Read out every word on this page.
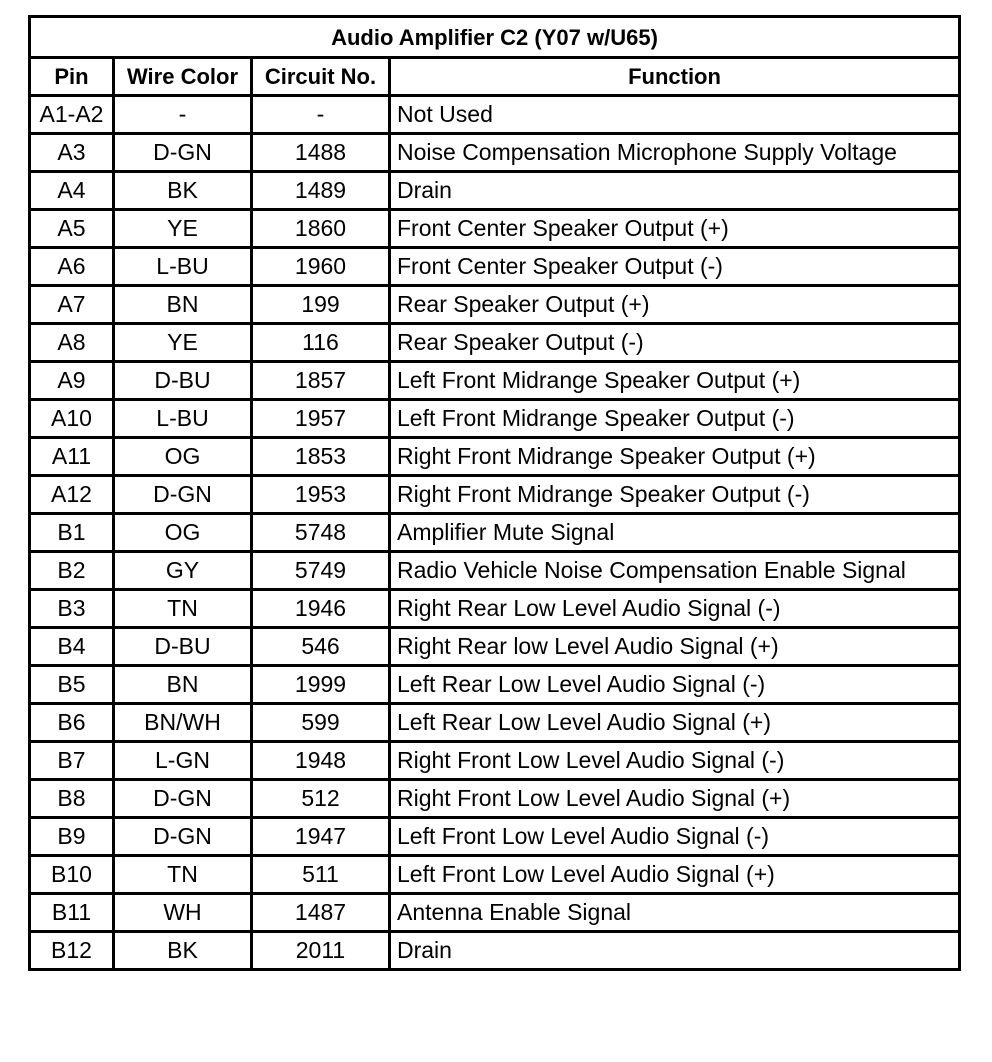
Audio Amplifier C2 (Y07 w/U65)			
Pin	Wire Color	Circuit No.	Function
A1-A2	-	-	Not Used
A3	D-GN	1488	Noise Compensation Microphone Supply Voltage
A4	BK	1489	Drain
A5	YE	1860	Front Center Speaker Output (+)
A6	L-BU	1960	Front Center Speaker Output (-)
A7	BN	199	Rear Speaker Output (+)
A8	YE	116	Rear Speaker Output (-)
A9	D-BU	1857	Left Front Midrange Speaker Output (+)
A10	L-BU	1957	Left Front Midrange Speaker Output (-)
A11	OG	1853	Right Front Midrange Speaker Output (+)
A12	D-GN	1953	Right Front Midrange Speaker Output (-)
B1	OG	5748	Amplifier Mute Signal
B2	GY	5749	Radio Vehicle Noise Compensation Enable Signal
B3	TN	1946	Right Rear Low Level Audio Signal (-)
B4	D-BU	546	Right Rear low Level Audio Signal (+)
B5	BN	1999	Left Rear Low Level Audio Signal (-)
B6	BN/WH	599	Left Rear Low Level Audio Signal (+)
B7	L-GN	1948	Right Front Low Level Audio Signal (-)
B8	D-GN	512	Right Front Low Level Audio Signal (+)
B9	D-GN	1947	Left Front Low Level Audio Signal (-)
B10	TN	511	Left Front Low Level Audio Signal (+)
B11	WH	1487	Antenna Enable Signal
B12	BK	2011	Drain
